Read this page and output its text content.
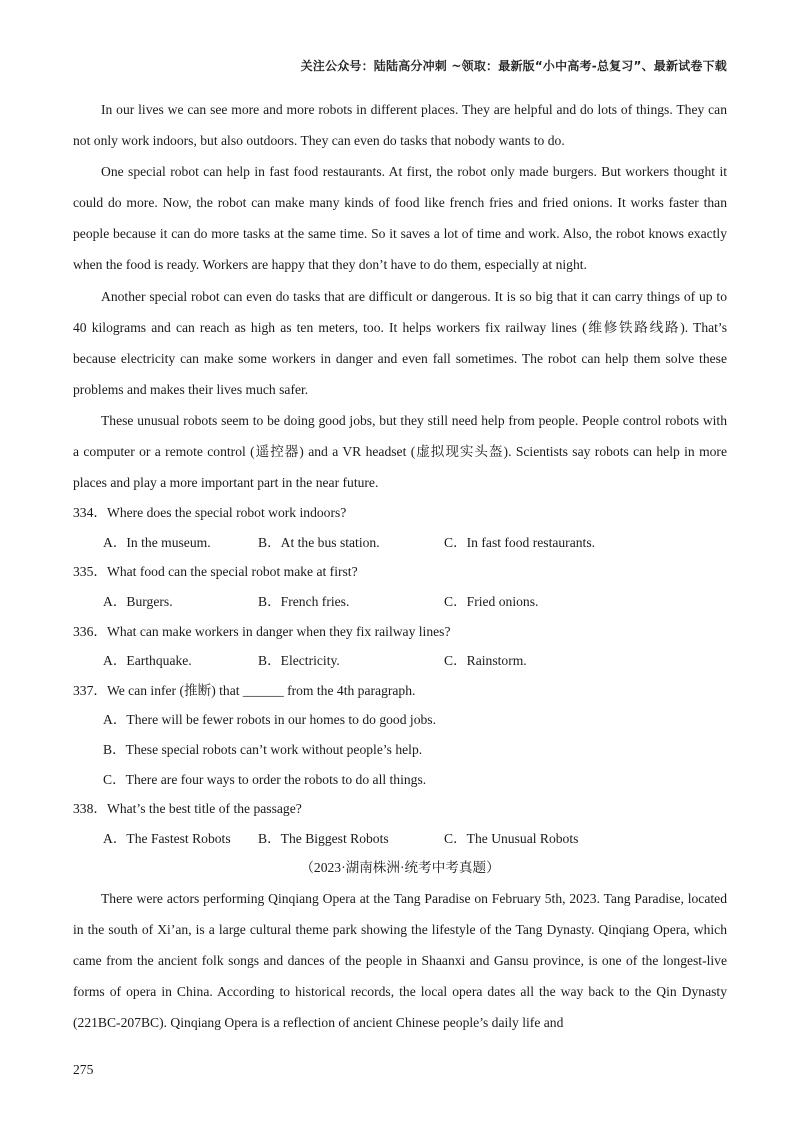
关注公众号：陆陆高分冲刺 ~领取：最新版“小中高考-总复习”、最新试卷下载

In our lives we can see more and more robots in different places. They are helpful and do lots of things. They can not only work indoors, but also outdoors. They can even do tasks that nobody wants to do.

One special robot can help in fast food restaurants. At first, the robot only made burgers. But workers thought it could do more. Now, the robot can make many kinds of food like french fries and fried onions. It works faster than people because it can do more tasks at the same time. So it saves a lot of time and work. Also, the robot knows exactly when the food is ready. Workers are happy that they don’t have to do them, especially at night.

Another special robot can even do tasks that are difficult or dangerous. It is so big that it can carry things of up to 40 kilograms and can reach as high as ten meters, too. It helps workers fix railway lines (维修铁路线路). That’s because electricity can make some workers in danger and even fall sometimes. The robot can help them solve these problems and makes their lives much safer.

These unusual robots seem to be doing good jobs, but they still need help from people. People control robots with a computer or a remote control (遥控器) and a VR headset (虚拟现实头盔). Scientists say robots can help in more places and play a more important part in the near future.

334．Where does the special robot work indoors?
A．In the museum.	B．At the bus station.	C．In fast food restaurants.
335．What food can the special robot make at first?
A．Burgers.	B．French fries.	C．Fried onions.
336．What can make workers in danger when they fix railway lines?
A．Earthquake.	B．Electricity.	C．Rainstorm.
337．We can infer (推断) that ______ from the 4th paragraph.
A．There will be fewer robots in our homes to do good jobs.
B．These special robots can’t work without people’s help.
C．There are four ways to order the robots to do all things.
338．What’s the best title of the passage?
A．The Fastest Robots B．The Biggest Robots	C．The Unusual Robots
（2023·湖南株洲·统考中考真题）

There were actors performing Qinqiang Opera at the Tang Paradise on February 5th, 2023. Tang Paradise, located in the south of Xi’an, is a large cultural theme park showing the lifestyle of the Tang Dynasty. Qinqiang Opera, which came from the ancient folk songs and dances of the people in Shaanxi and Gansu province, is one of the longest-live forms of opera in China. According to historical records, the local opera dates all the way back to the Qin Dynasty (221BC-207BC). Qinqiang Opera is a reflection of ancient Chinese people’s daily life and

275
